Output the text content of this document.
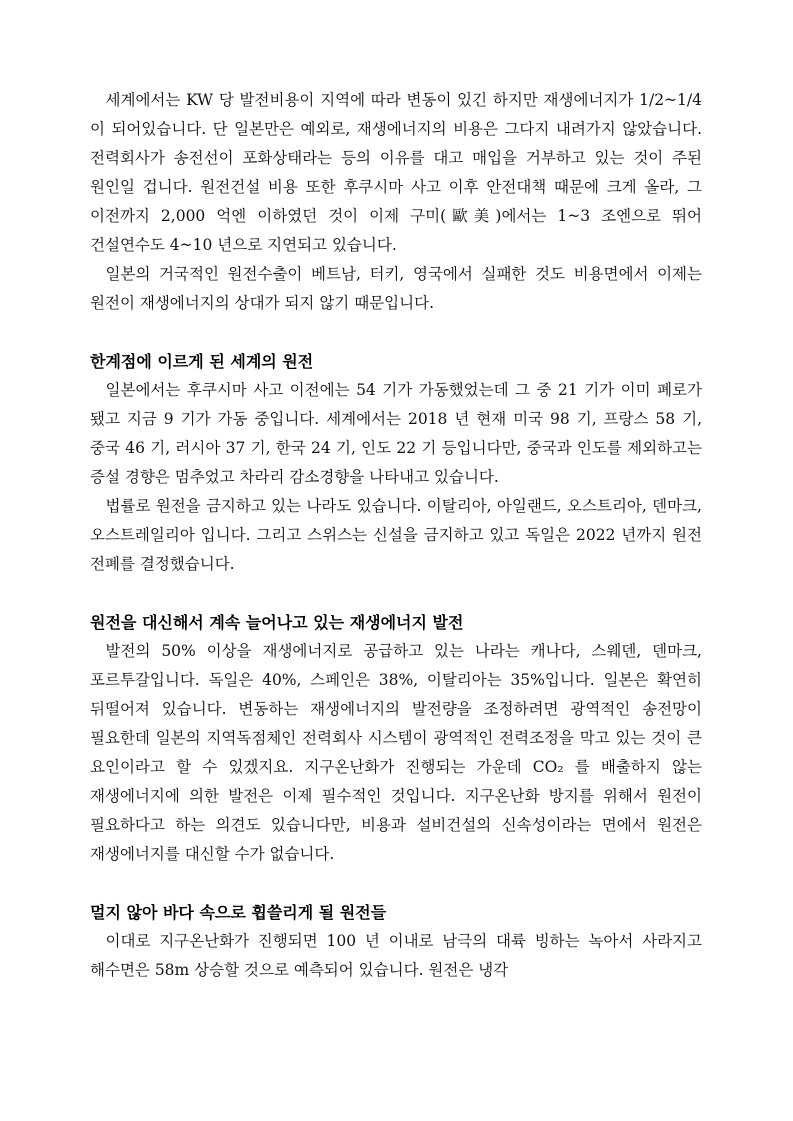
세계에서는 KW 당 발전비용이 지역에 따라 변동이 있긴 하지만 재생에너지가 1/2~1/4 이 되어있습니다. 단 일본만은 예외로, 재생에너지의 비용은 그다지 내려가지 않았습니다. 전력회사가 송전선이 포화상태라는 등의 이유를 대고 매입을 거부하고 있는 것이 주된 원인일 겁니다. 원전건설 비용 또한 후쿠시마 사고 이후 안전대책 때문에 크게 올라, 그 이전까지 2,000 억엔 이하였던 것이 이제 구미(歐美)에서는 1~3 조엔으로 뛰어 건설연수도 4~10 년으로 지연되고 있습니다.

일본의 거국적인 원전수출이 베트남, 터키, 영국에서 실패한 것도 비용면에서 이제는 원전이 재생에너지의 상대가 되지 않기 때문입니다.

한계점에 이르게 된 세계의 원전

일본에서는 후쿠시마 사고 이전에는 54 기가 가동했었는데 그 중 21 기가 이미 폐로가 됐고 지금 9 기가 가동 중입니다. 세계에서는 2018 년 현재 미국 98 기, 프랑스 58 기, 중국 46 기, 러시아 37 기, 한국 24 기, 인도 22 기 등입니다만, 중국과 인도를 제외하고는 증설 경향은 멈추었고 차라리 감소경향을 나타내고 있습니다.

법률로 원전을 금지하고 있는 나라도 있습니다. 이탈리아, 아일랜드, 오스트리아, 덴마크, 오스트레일리아 입니다. 그리고 스위스는 신설을 금지하고 있고 독일은 2022 년까지 원전 전폐를 결정했습니다.

원전을 대신해서 계속 늘어나고 있는 재생에너지 발전

발전의 50% 이상을 재생에너지로 공급하고 있는 나라는 캐나다, 스웨덴, 덴마크, 포르투갈입니다. 독일은 40%, 스페인은 38%, 이탈리아는 35%입니다. 일본은 확연히 뒤떨어져 있습니다. 변동하는 재생에너지의 발전량을 조정하려면 광역적인 송전망이 필요한데 일본의 지역독점체인 전력회사 시스템이 광역적인 전력조정을 막고 있는 것이 큰 요인이라고 할 수 있겠지요. 지구온난화가 진행되는 가운데 CO₂ 를 배출하지 않는 재생에너지에 의한 발전은 이제 필수적인 것입니다. 지구온난화 방지를 위해서 원전이 필요하다고 하는 의견도 있습니다만, 비용과 설비건설의 신속성이라는 면에서 원전은 재생에너지를 대신할 수가 없습니다.

멀지 않아 바다 속으로 휩쓸리게 될 원전들

이대로 지구온난화가 진행되면 100 년 이내로 남극의 대륙 빙하는 녹아서 사라지고 해수면은 58m 상승할 것으로 예측되어 있습니다. 원전은 냉각
